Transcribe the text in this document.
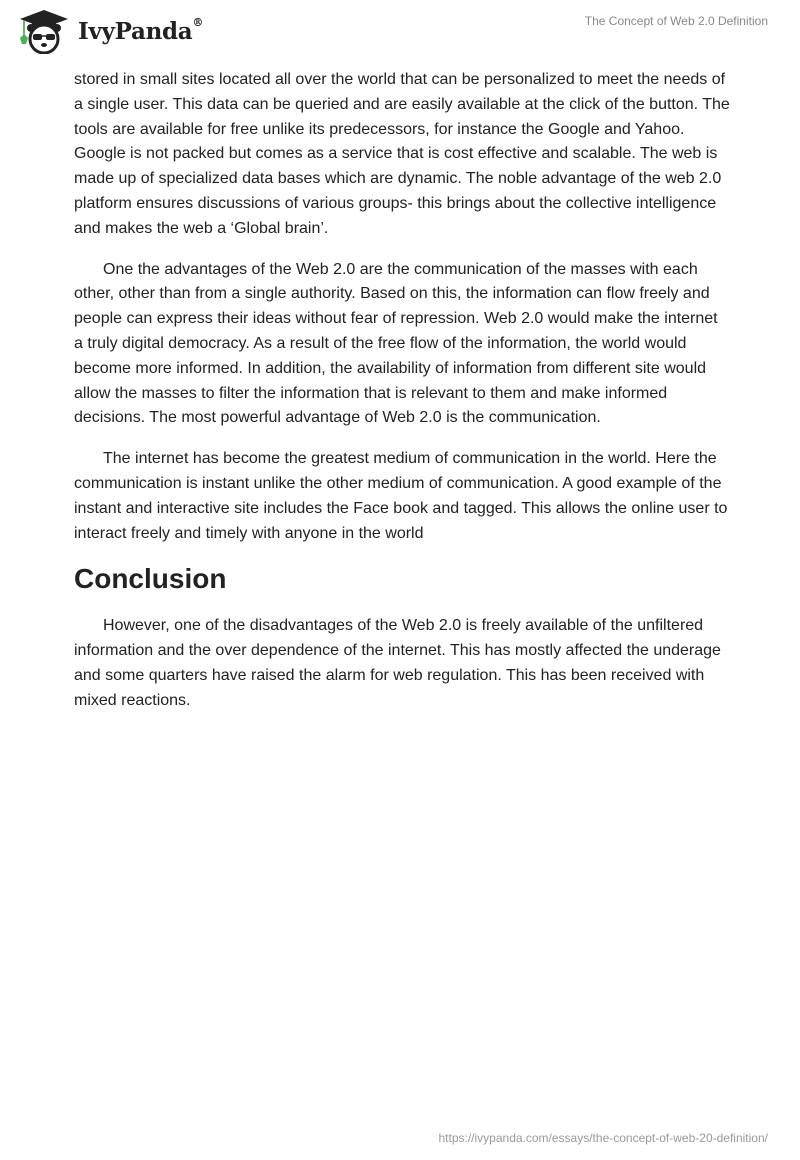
IvyPanda®	The Concept of Web 2.0 Definition

stored in small sites located all over the world that can be personalized to meet the needs of a single user. This data can be queried and are easily available at the click of the button. The tools are available for free unlike its predecessors, for instance the Google and Yahoo. Google is not packed but comes as a service that is cost effective and scalable. The web is made up of specialized data bases which are dynamic. The noble advantage of the web 2.0 platform ensures discussions of various groups- this brings about the collective intelligence and makes the web a ‘Global brain’.

One the advantages of the Web 2.0 are the communication of the masses with each other, other than from a single authority. Based on this, the information can flow freely and people can express their ideas without fear of repression. Web 2.0 would make the internet a truly digital democracy. As a result of the free flow of the information, the world would become more informed. In addition, the availability of information from different site would allow the masses to filter the information that is relevant to them and make informed decisions. The most powerful advantage of Web 2.0 is the communication.

The internet has become the greatest medium of communication in the world. Here the communication is instant unlike the other medium of communication. A good example of the instant and interactive site includes the Face book and tagged. This allows the online user to interact freely and timely with anyone in the world

Conclusion

However, one of the disadvantages of the Web 2.0 is freely available of the unfiltered information and the over dependence of the internet. This has mostly affected the underage and some quarters have raised the alarm for web regulation. This has been received with mixed reactions.

https://ivypanda.com/essays/the-concept-of-web-20-definition/
